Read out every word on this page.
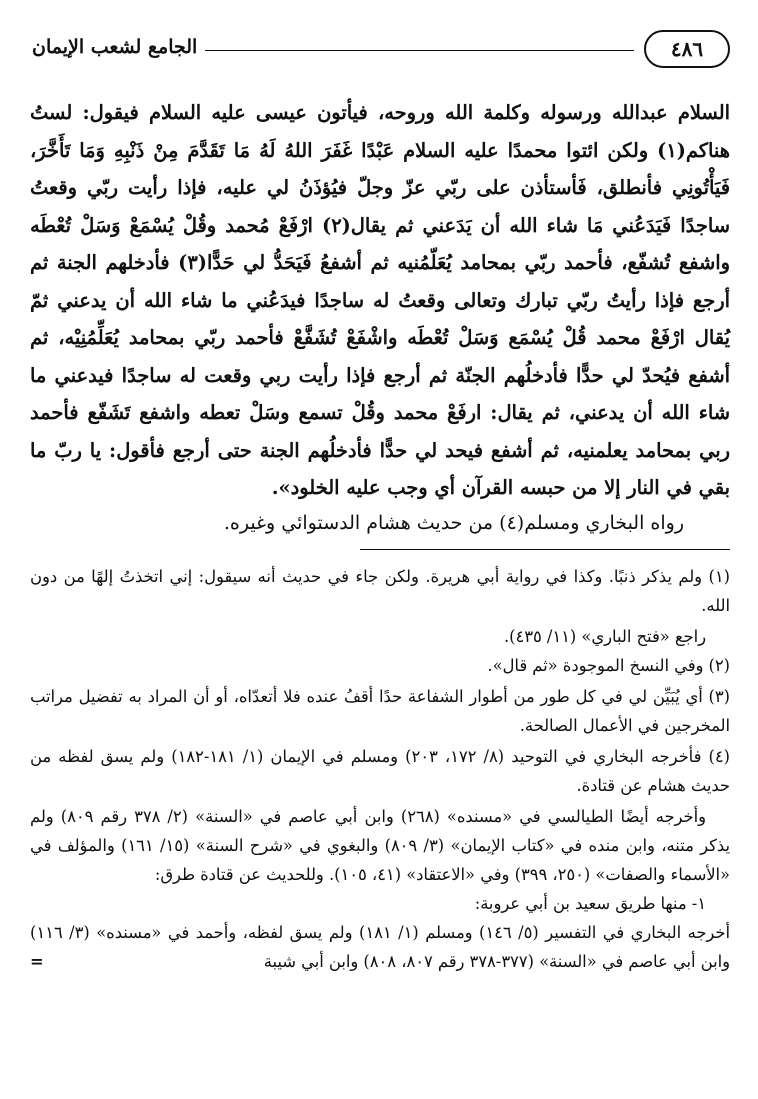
٤٨٦
الجامع لشعب الإيمان

السلام عبدالله ورسوله وكلمة الله وروحه، فيأتون عيسى عليه السلام فيقول: لستُ هناكم(١) ولكن ائتوا محمدًا عليه السلام عَبْدًا غَفَرَ اللهُ لَهُ مَا تَقَدَّمَ مِنْ ذَنْبِهِ وَمَا تَأَخَّرَ، فَيَأْتُونِي فأنطلق، فَأستأذن على ربّي عزّ وجلّ فيُؤذَنُ لي عليه، فإذا رأيت ربّي وقعتُ ساجدًا فَيَدَعُني مَا شاء الله أن يَدَعني ثم يقال(٢) ارْفَعْ مُحمد وقُلْ يُسْمَعْ وَسَلْ تُعْطَه واشفع تُشفّع، فأحمد ربّي بمحامد يُعَلّمُنيه ثم أشفعُ فَيَحَدُّ لي حَدًّا(٣) فأدخلهم الجنة ثم أرجع فإذا رأيتُ ربّي تبارك وتعالى وقعتُ له ساجدًا فيدَعُني ما شاء الله أن يدعني ثمّ يُقال ارْفَعْ محمد قُلْ يُسْمَع وَسَلْ تُعْطَه واشْفَعْ تُشَفَّعْ فأحمد ربّي بمحامد يُعَلِّمُنِيْه، ثم أشفع فيُحدّ لي حدًّا فأدخلُهم الجنّة ثم أرجع فإذا رأيت ربي وقعت له ساجدًا فيدعني ما شاء الله أن يدعني، ثم يقال: ارفَعْ محمد وقُلْ تسمع وسَلْ تعطه واشفع تَشَفّع فأحمد ربي بمحامد يعلمنيه، ثم أشفع فيحد لي حدًّا فأدخلُهم الجنة حتى أرجع فأقول: يا ربّ ما بقي في النار إلا من حبسه القرآن أي وجب عليه الخلود».

رواه البخاري ومسلم(٤) من حديث هشام الدستوائي وغيره.

(١) ولم يذكر ذنبًا. وكذا في رواية أبي هريرة. ولكن جاء في حديث أنه سيقول: إني اتخذتُ إلهًا من دون الله.

راجع «فتح الباري» (١١/ ٤٣٥).

(٢) وفي النسخ الموجودة «ثم قال».

(٣) أي يُبَيِّن لي في كل طور من أطوار الشفاعة حدًا أقفُ عنده فلا أتعدّاه، أو أن المراد به تفضيل مراتب المخرجين في الأعمال الصالحة.

(٤) فأخرجه البخاري في التوحيد (٨/ ١٧٢، ٢٠٣) ومسلم في الإيمان (١/ ١٨١-١٨٢) ولم يسق لفظه من حديث هشام عن قتادة.

وأخرجه أيضًا الطيالسي في «مسنده» (٢٦٨) وابن أبي عاصم في «السنة» (٢/ ٣٧٨ رقم ٨٠٩) ولم يذكر متنه، وابن منده في «كتاب الإيمان» (٣/ ٨٠٩) والبغوي في «شرح السنة» (١٥/ ١٦١) والمؤلف في «الأسماء والصفات» (٢٥٠، ٣٩٩) وفي «الاعتقاد» (٤١، ١٠٥). وللحديث عن قتادة طرق:

١- منها طريق سعيد بن أبي عروبة:

أخرجه البخاري في التفسير (٥/ ١٤٦) ومسلم (١/ ١٨١) ولم يسق لفظه، وأحمد في «مسنده» (٣/ ١١٦) وابن أبي عاصم في «السنة» (٣٧٧-٣٧٨ رقم ٨٠٧، ٨٠٨) وابن أبي شيبة
=
